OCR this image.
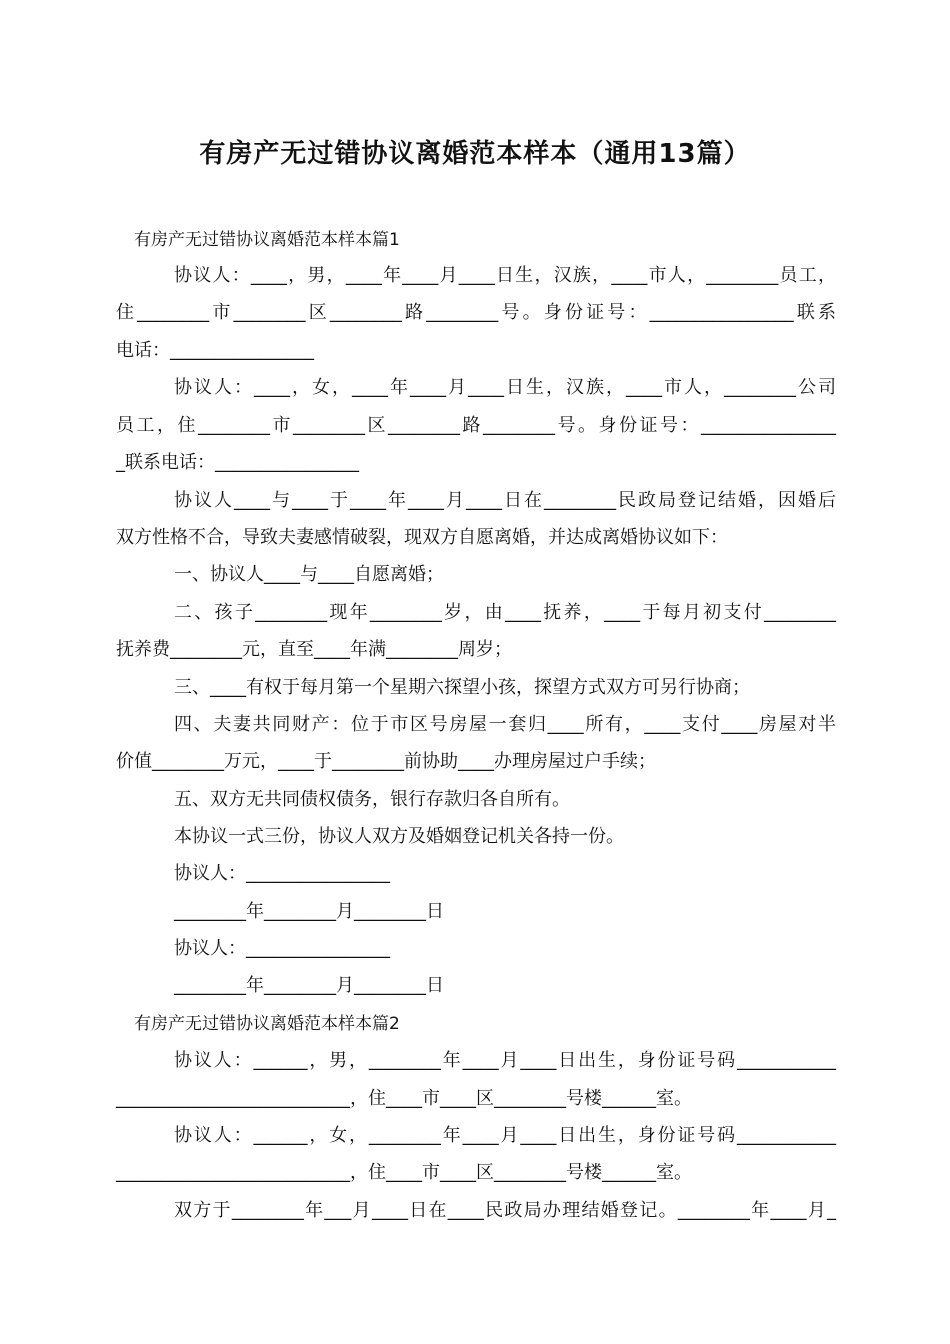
有房产无过错协议离婚范本样本（通用13篇）
有房产无过错协议离婚范本样本篇1
协议人：____，男，____年____月____日生，汉族，____市人，________员工，
住________市________区________路________号。身份证号：________________联系
电话：________________
协议人：____，女，____年____月____日生，汉族，____市人，________公司
员工，住________市________区________路________号。身份证号：_______________
_联系电话：________________
协议人____与____于____年____月____日在________民政局登记结婚，因婚后
双方性格不合，导致夫妻感情破裂，现双方自愿离婚，并达成离婚协议如下：
一、协议人____与____自愿离婚；
二、孩子________现年________岁，由____抚养，____于每月初支付________
抚养费________元，直至____年满________周岁；
三、____有权于每月第一个星期六探望小孩，探望方式双方可另行协商；
四、夫妻共同财产：位于市区号房屋一套归____所有，____支付____房屋对半
价值________万元，____于________前协助____办理房屋过户手续；
五、双方无共同债权债务，银行存款归各自所有。
本协议一式三份，协议人双方及婚姻登记机关各持一份。
协议人：________________
________年________月________日
协议人：________________
________年________月________日
有房产无过错协议离婚范本样本篇2
协议人：______，男，________年____月____日出生，身份证号码___________
__________________________，住____市____区________号楼______室。
协议人：______，女，________年____月____日出生，身份证号码___________
__________________________，住____市____区________号楼______室。
双方于________年___月____日在____民政局办理结婚登记。________年____月_
